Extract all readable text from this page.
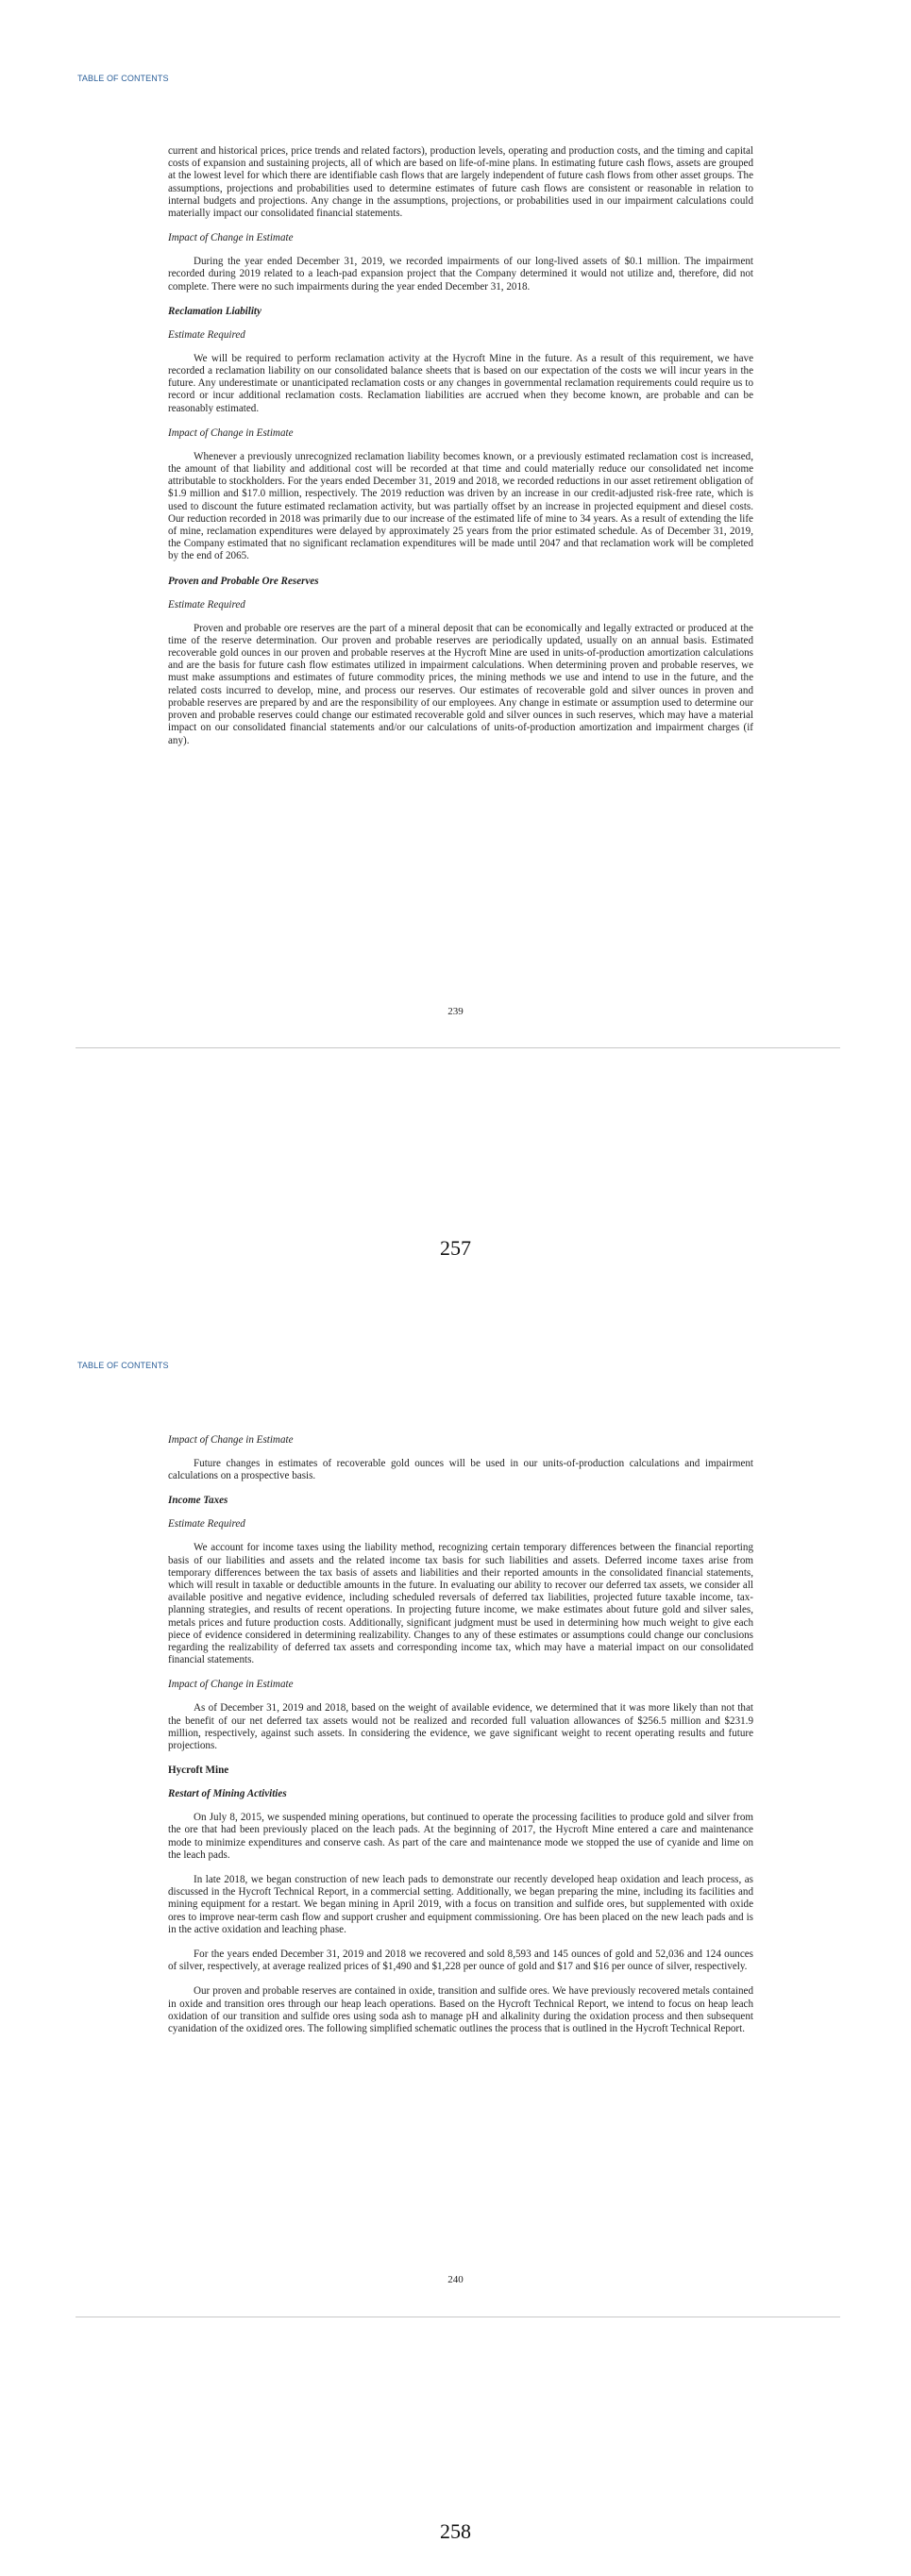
TABLE OF CONTENTS

current and historical prices, price trends and related factors), production levels, operating and production costs, and the timing and capital costs of expansion and sustaining projects, all of which are based on life-of-mine plans. In estimating future cash flows, assets are grouped at the lowest level for which there are identifiable cash flows that are largely independent of future cash flows from other asset groups. The assumptions, projections and probabilities used to determine estimates of future cash flows are consistent or reasonable in relation to internal budgets and projections. Any change in the assumptions, projections, or probabilities used in our impairment calculations could materially impact our consolidated financial statements.

Impact of Change in Estimate

During the year ended December 31, 2019, we recorded impairments of our long-lived assets of $0.1 million. The impairment recorded during 2019 related to a leach-pad expansion project that the Company determined it would not utilize and, therefore, did not complete. There were no such impairments during the year ended December 31, 2018.

Reclamation Liability

Estimate Required

We will be required to perform reclamation activity at the Hycroft Mine in the future. As a result of this requirement, we have recorded a reclamation liability on our consolidated balance sheets that is based on our expectation of the costs we will incur years in the future. Any underestimate or unanticipated reclamation costs or any changes in governmental reclamation requirements could require us to record or incur additional reclamation costs. Reclamation liabilities are accrued when they become known, are probable and can be reasonably estimated.

Impact of Change in Estimate

Whenever a previously unrecognized reclamation liability becomes known, or a previously estimated reclamation cost is increased, the amount of that liability and additional cost will be recorded at that time and could materially reduce our consolidated net income attributable to stockholders. For the years ended December 31, 2019 and 2018, we recorded reductions in our asset retirement obligation of $1.9 million and $17.0 million, respectively. The 2019 reduction was driven by an increase in our credit-adjusted risk-free rate, which is used to discount the future estimated reclamation activity, but was partially offset by an increase in projected equipment and diesel costs. Our reduction recorded in 2018 was primarily due to our increase of the estimated life of mine to 34 years. As a result of extending the life of mine, reclamation expenditures were delayed by approximately 25 years from the prior estimated schedule. As of December 31, 2019, the Company estimated that no significant reclamation expenditures will be made until 2047 and that reclamation work will be completed by the end of 2065.

Proven and Probable Ore Reserves

Estimate Required

Proven and probable ore reserves are the part of a mineral deposit that can be economically and legally extracted or produced at the time of the reserve determination. Our proven and probable reserves are periodically updated, usually on an annual basis. Estimated recoverable gold ounces in our proven and probable reserves at the Hycroft Mine are used in units-of-production amortization calculations and are the basis for future cash flow estimates utilized in impairment calculations. When determining proven and probable reserves, we must make assumptions and estimates of future commodity prices, the mining methods we use and intend to use in the future, and the related costs incurred to develop, mine, and process our reserves. Our estimates of recoverable gold and silver ounces in proven and probable reserves are prepared by and are the responsibility of our employees. Any change in estimate or assumption used to determine our proven and probable reserves could change our estimated recoverable gold and silver ounces in such reserves, which may have a material impact on our consolidated financial statements and/or our calculations of units-of-production amortization and impairment charges (if any).

239
257
TABLE OF CONTENTS

Impact of Change in Estimate

Future changes in estimates of recoverable gold ounces will be used in our units-of-production calculations and impairment calculations on a prospective basis.

Income Taxes

Estimate Required

We account for income taxes using the liability method, recognizing certain temporary differences between the financial reporting basis of our liabilities and assets and the related income tax basis for such liabilities and assets. Deferred income taxes arise from temporary differences between the tax basis of assets and liabilities and their reported amounts in the consolidated financial statements, which will result in taxable or deductible amounts in the future. In evaluating our ability to recover our deferred tax assets, we consider all available positive and negative evidence, including scheduled reversals of deferred tax liabilities, projected future taxable income, tax-planning strategies, and results of recent operations. In projecting future income, we make estimates about future gold and silver sales, metals prices and future production costs. Additionally, significant judgment must be used in determining how much weight to give each piece of evidence considered in determining realizability. Changes to any of these estimates or assumptions could change our conclusions regarding the realizability of deferred tax assets and corresponding income tax, which may have a material impact on our consolidated financial statements.

Impact of Change in Estimate

As of December 31, 2019 and 2018, based on the weight of available evidence, we determined that it was more likely than not that the benefit of our net deferred tax assets would not be realized and recorded full valuation allowances of $256.5 million and $231.9 million, respectively, against such assets. In considering the evidence, we gave significant weight to recent operating results and future projections.

Hycroft Mine

Restart of Mining Activities

On July 8, 2015, we suspended mining operations, but continued to operate the processing facilities to produce gold and silver from the ore that had been previously placed on the leach pads. At the beginning of 2017, the Hycroft Mine entered a care and maintenance mode to minimize expenditures and conserve cash. As part of the care and maintenance mode we stopped the use of cyanide and lime on the leach pads.

In late 2018, we began construction of new leach pads to demonstrate our recently developed heap oxidation and leach process, as discussed in the Hycroft Technical Report, in a commercial setting. Additionally, we began preparing the mine, including its facilities and mining equipment for a restart. We began mining in April 2019, with a focus on transition and sulfide ores, but supplemented with oxide ores to improve near-term cash flow and support crusher and equipment commissioning. Ore has been placed on the new leach pads and is in the active oxidation and leaching phase.

For the years ended December 31, 2019 and 2018 we recovered and sold 8,593 and 145 ounces of gold and 52,036 and 124 ounces of silver, respectively, at average realized prices of $1,490 and $1,228 per ounce of gold and $17 and $16 per ounce of silver, respectively.

Our proven and probable reserves are contained in oxide, transition and sulfide ores. We have previously recovered metals contained in oxide and transition ores through our heap leach operations. Based on the Hycroft Technical Report, we intend to focus on heap leach oxidation of our transition and sulfide ores using soda ash to manage pH and alkalinity during the oxidation process and then subsequent cyanidation of the oxidized ores. The following simplified schematic outlines the process that is outlined in the Hycroft Technical Report.

240
258
